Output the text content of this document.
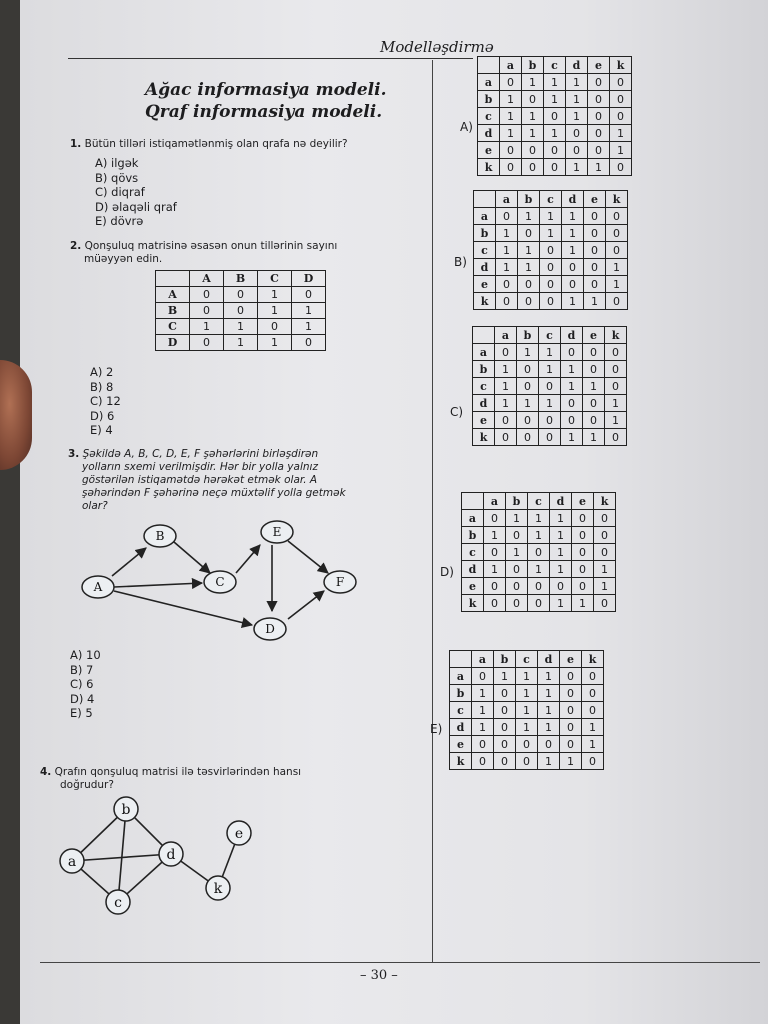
Modelləşdirmə
– 30 –
Ağac informasiya modeli.
Qraf informasiya modeli.
1. Bütün tilləri istiqamətlənmiş olan qrafa nə deyilir?
A) ilgək
B) qövs
C) diqraf
D) əlaqəli qraf
E) dövrə
2. Qonşuluq matrisinə əsasən onun tillərinin sayını
müəyyən edin.
	A	B	C	D
A	0	0	1	0
B	0	0	1	1
C	1	1	0	1
D	0	1	1	0
A) 2
B) 8
C) 12
D) 6
E) 4
3. Şəkildə A, B, C, D, E, F şəhərlərini birləşdirən
yolların sxemi verilmişdir. Hər bir yolla yalnız
göstərilən istiqamətdə hərəkət etmək olar. A
şəhərindən F şəhərinə neçə müxtəlif yolla getmək
olar?
A
B
C
D
E
F
A) 10
B) 7
C) 6
D) 4
E) 5
4. Qrafın qonşuluq matrisi ilə təsvirlərindən hansı
doğrudur?
a
b
c
d
e
k
A)
	a	b	c	d	e	k
a	0	1	1	1	0	0
b	1	0	1	1	0	0
c	1	1	0	1	0	0
d	1	1	1	0	0	1
e	0	0	0	0	0	1
k	0	0	0	1	1	0
B)
	a	b	c	d	e	k
a	0	1	1	1	0	0
b	1	0	1	1	0	0
c	1	1	0	1	0	0
d	1	1	0	0	0	1
e	0	0	0	0	0	1
k	0	0	0	1	1	0
C)
	a	b	c	d	e	k
a	0	1	1	0	0	0
b	1	0	1	1	0	0
c	1	0	0	1	1	0
d	1	1	1	0	0	1
e	0	0	0	0	0	1
k	0	0	0	1	1	0
D)
	a	b	c	d	e	k
a	0	1	1	1	0	0
b	1	0	1	1	0	0
c	0	1	0	1	0	0
d	1	0	1	1	0	1
e	0	0	0	0	0	1
k	0	0	0	1	1	0
E)
	a	b	c	d	e	k
a	0	1	1	1	0	0
b	1	0	1	1	0	0
c	1	0	1	1	0	0
d	1	0	1	1	0	1
e	0	0	0	0	0	1
k	0	0	0	1	1	0
